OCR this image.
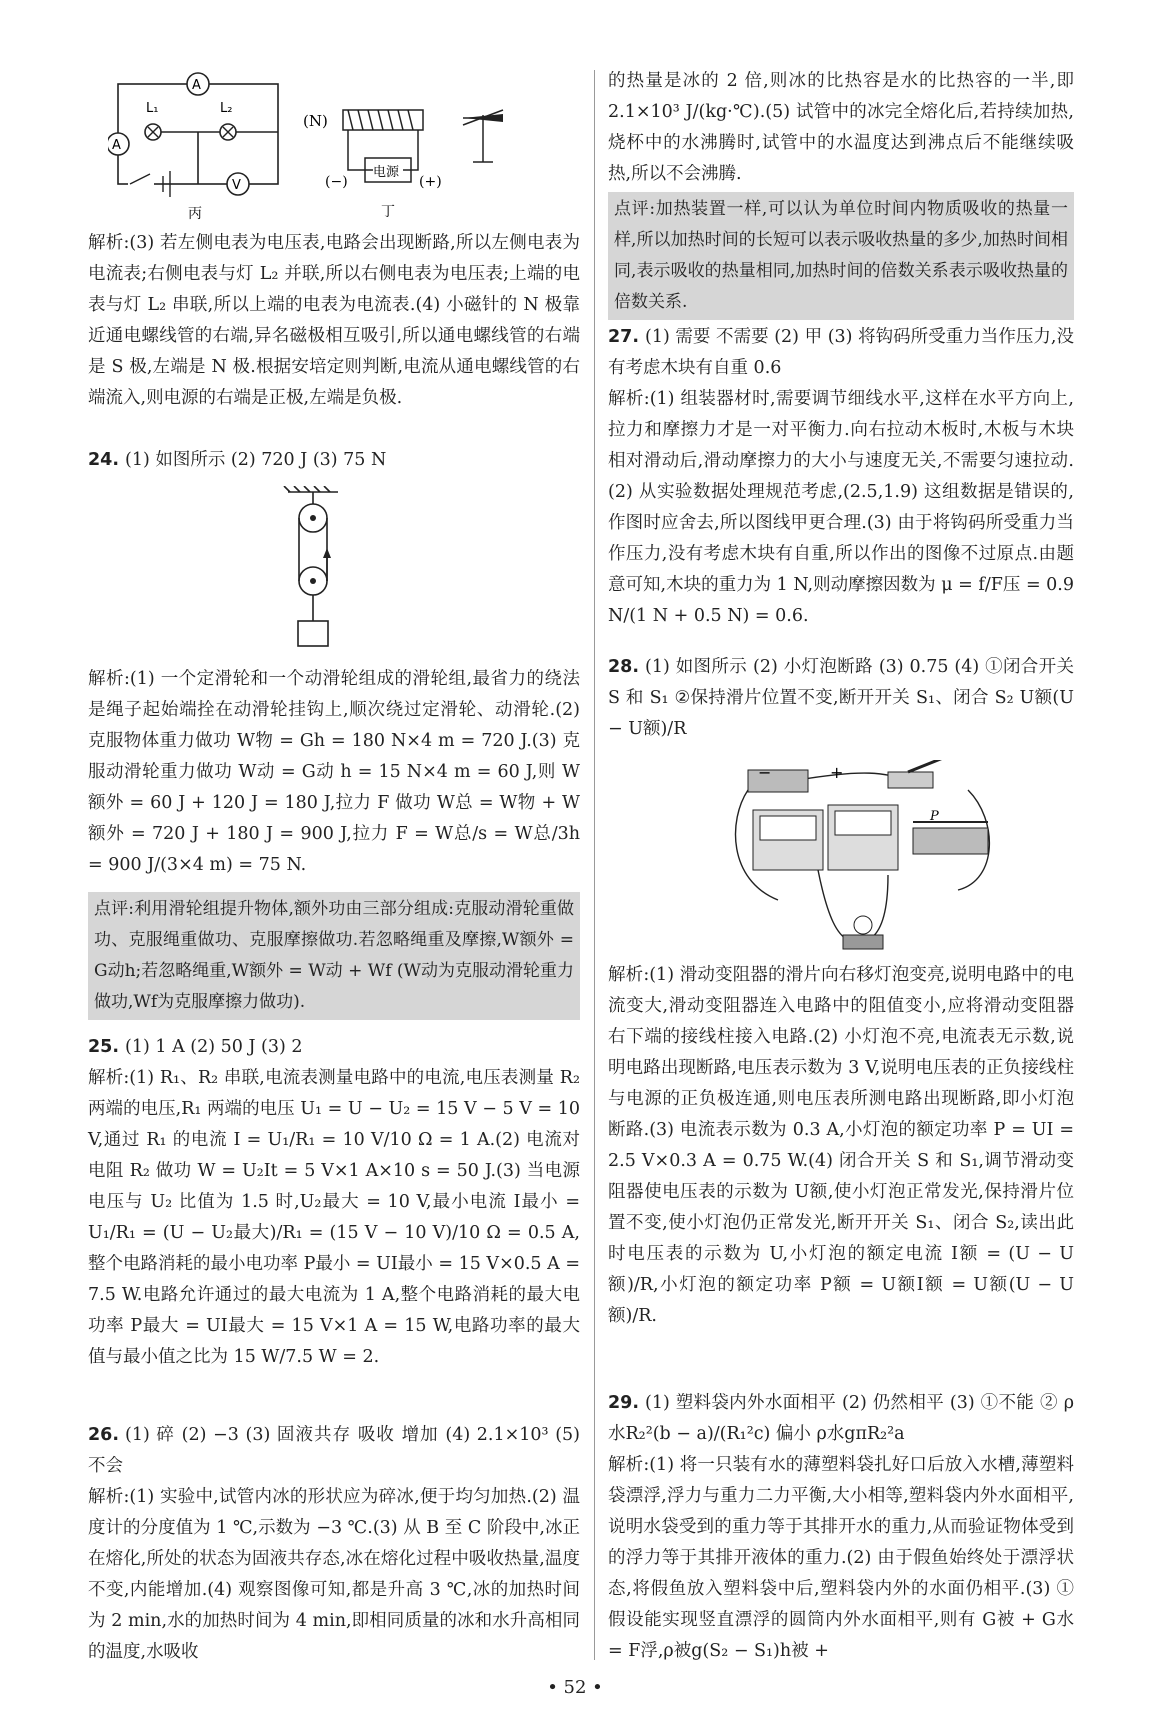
A
A
V
L₁	L₂
丙
(N)
电源
(−)	(+)
丁

解析:(3) 若左侧电表为电压表,电路会出现断路,所以左侧电表为电流表;右侧电表与灯 L₂ 并联,所以右侧电表为电压表;上端的电表与灯 L₂ 串联,所以上端的电表为电流表.(4) 小磁针的 N 极靠近通电螺线管的右端,异名磁极相互吸引,所以通电螺线管的右端是 S 极,左端是 N 极.根据安培定则判断,电流从通电螺线管的右端流入,则电源的右端是正极,左端是负极.

24. (1) 如图所示 (2) 720 J (3) 75 N

解析:(1) 一个定滑轮和一个动滑轮组成的滑轮组,最省力的绕法是绳子起始端拴在动滑轮挂钩上,顺次绕过定滑轮、动滑轮.(2) 克服物体重力做功 W物 = Gh = 180 N×4 m = 720 J.(3) 克服动滑轮重力做功 W动 = G动 h = 15 N×4 m = 60 J,则 W额外 = 60 J + 120 J = 180 J,拉力 F 做功 W总 = W物 + W额外 = 720 J + 180 J = 900 J,拉力 F = W总/s = W总/3h = 900 J/(3×4 m) = 75 N.

点评:利用滑轮组提升物体,额外功由三部分组成:克服动滑轮重做功、克服绳重做功、克服摩擦做功.若忽略绳重及摩擦,W额外 = G动h;若忽略绳重,W额外 = W动 + Wf (W动为克服动滑轮重力做功,Wf为克服摩擦力做功).

25. (1) 1 A (2) 50 J (3) 2

解析:(1) R₁、R₂ 串联,电流表测量电路中的电流,电压表测量 R₂ 两端的电压,R₁ 两端的电压 U₁ = U − U₂ = 15 V − 5 V = 10 V,通过 R₁ 的电流 I = U₁/R₁ = 10 V/10 Ω = 1 A.(2) 电流对电阻 R₂ 做功 W = U₂It = 5 V×1 A×10 s = 50 J.(3) 当电源电压与 U₂ 比值为 1.5 时,U₂最大 = 10 V,最小电流 I最小 = U₁/R₁ = (U − U₂最大)/R₁ = (15 V − 10 V)/10 Ω = 0.5 A,整个电路消耗的最小电功率 P最小 = UI最小 = 15 V×0.5 A = 7.5 W.电路允许通过的最大电流为 1 A,整个电路消耗的最大电功率 P最大 = UI最大 = 15 V×1 A = 15 W,电路功率的最大值与最小值之比为 15 W/7.5 W = 2.

26. (1) 碎 (2) −3 (3) 固液共存 吸收 增加 (4) 2.1×10³ (5) 不会

解析:(1) 实验中,试管内冰的形状应为碎冰,便于均匀加热.(2) 温度计的分度值为 1 ℃,示数为 −3 ℃.(3) 从 B 至 C 阶段中,冰正在熔化,所处的状态为固液共存态,冰在熔化过程中吸收热量,温度不变,内能增加.(4) 观察图像可知,都是升高 3 ℃,冰的加热时间为 2 min,水的加热时间为 4 min,即相同质量的冰和水升高相同的温度,水吸收

的热量是冰的 2 倍,则冰的比热容是水的比热容的一半,即 2.1×10³ J/(kg·℃).(5) 试管中的冰完全熔化后,若持续加热,烧杯中的水沸腾时,试管中的水温度达到沸点后不能继续吸热,所以不会沸腾.

点评:加热装置一样,可以认为单位时间内物质吸收的热量一样,所以加热时间的长短可以表示吸收热量的多少,加热时间相同,表示吸收的热量相同,加热时间的倍数关系表示吸收热量的倍数关系.

27. (1) 需要 不需要 (2) 甲 (3) 将钩码所受重力当作压力,没有考虑木块有自重 0.6

解析:(1) 组装器材时,需要调节细线水平,这样在水平方向上,拉力和摩擦力才是一对平衡力.向右拉动木板时,木板与木块相对滑动后,滑动摩擦力的大小与速度无关,不需要匀速拉动.(2) 从实验数据处理规范考虑,(2.5,1.9) 这组数据是错误的,作图时应舍去,所以图线甲更合理.(3) 由于将钩码所受重力当作压力,没有考虑木块有自重,所以作出的图像不过原点.由题意可知,木块的重力为 1 N,则动摩擦因数为 μ = f/F压 = 0.9 N/(1 N + 0.5 N) = 0.6.

28. (1) 如图所示 (2) 小灯泡断路 (3) 0.75 (4) ①闭合开关 S 和 S₁ ②保持滑片位置不变,断开开关 S₁、闭合 S₂ U额(U − U额)/R

−	+
P

解析:(1) 滑动变阻器的滑片向右移灯泡变亮,说明电路中的电流变大,滑动变阻器连入电路中的阻值变小,应将滑动变阻器右下端的接线柱接入电路.(2) 小灯泡不亮,电流表无示数,说明电路出现断路,电压表示数为 3 V,说明电压表的正负接线柱与电源的正负极连通,则电压表所测电路出现断路,即小灯泡断路.(3) 电流表示数为 0.3 A,小灯泡的额定功率 P = UI = 2.5 V×0.3 A = 0.75 W.(4) 闭合开关 S 和 S₁,调节滑动变阻器使电压表的示数为 U额,使小灯泡正常发光,保持滑片位置不变,使小灯泡仍正常发光,断开开关 S₁、闭合 S₂,读出此时电压表的示数为 U,小灯泡的额定电流 I额 = (U − U额)/R,小灯泡的额定功率 P额 = U额I额 = U额(U − U额)/R.

29. (1) 塑料袋内外水面相平 (2) 仍然相平 (3) ①不能 ② ρ水R₂²(b − a)/(R₁²c) 偏小 ρ水gπR₂²a

解析:(1) 将一只装有水的薄塑料袋扎好口后放入水槽,薄塑料袋漂浮,浮力与重力二力平衡,大小相等,塑料袋内外水面相平,说明水袋受到的重力等于其排开水的重力,从而验证物体受到的浮力等于其排开液体的重力.(2) 由于假鱼始终处于漂浮状态,将假鱼放入塑料袋中后,塑料袋内外的水面仍相平.(3) ①假设能实现竖直漂浮的圆筒内外水面相平,则有 G被 + G水 = F浮,ρ被g(S₂ − S₁)h被 +

• 52 •
